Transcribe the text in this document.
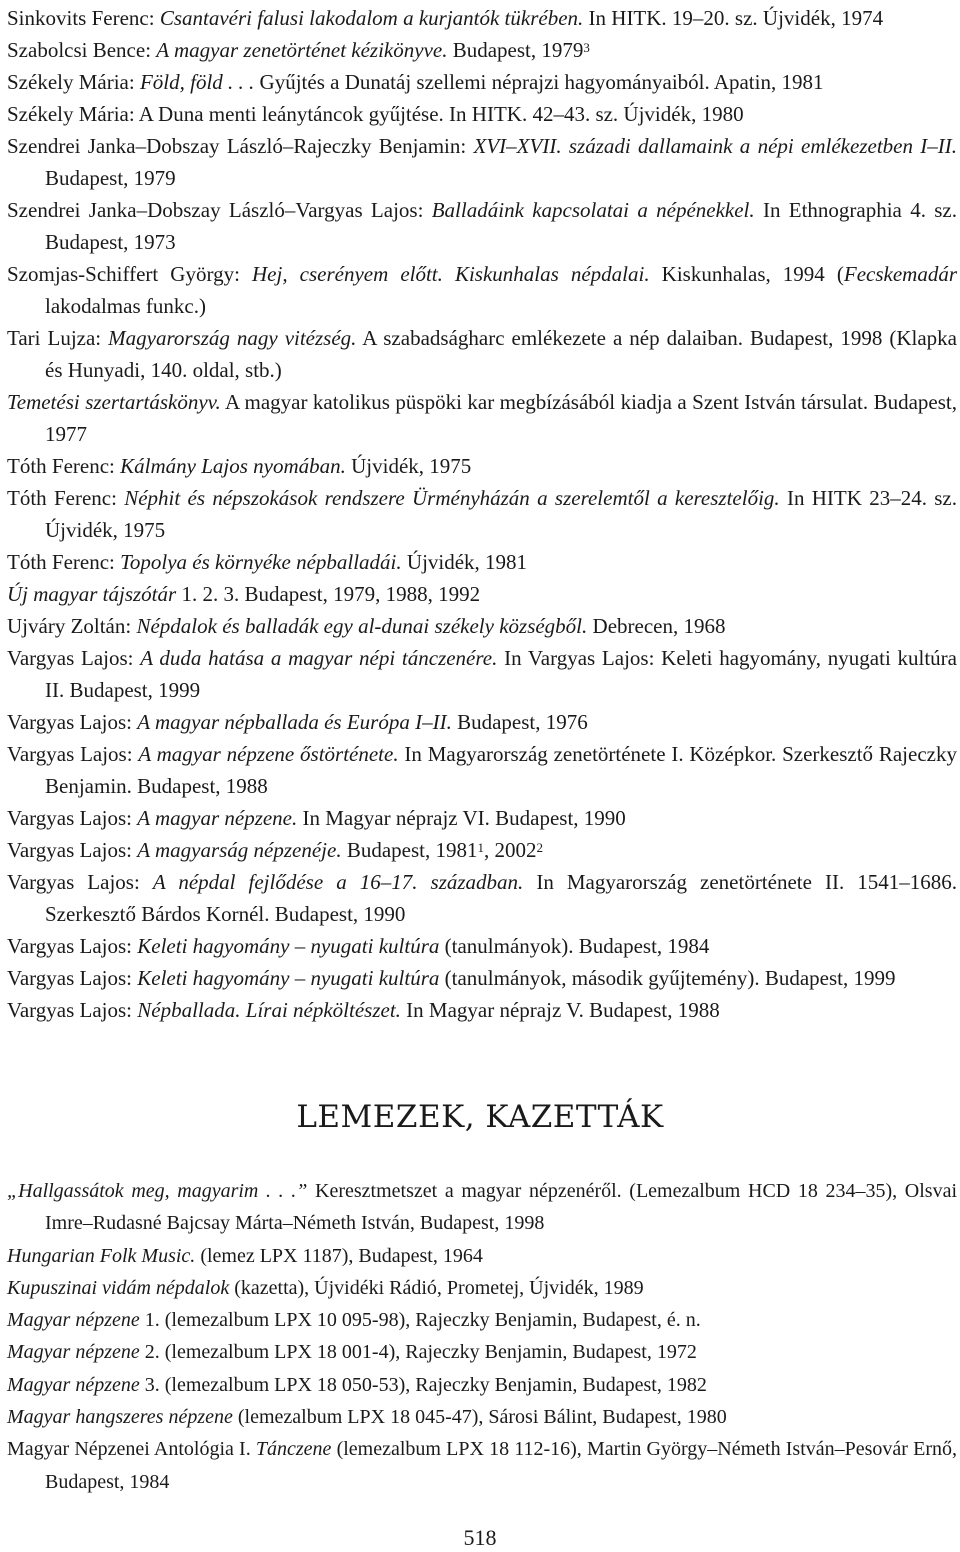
Sinkovits Ferenc: Csantavéri falusi lakodalom a kurjantók tükrében. In HITK. 19–20. sz. Újvidék, 1974

Szabolcsi Bence: A magyar zenetörténet kézikönyve. Budapest, 1979$^3$

Székely Mária: Föld, föld . . . Gyűjtés a Dunatáj szellemi néprajzi hagyományaiból. Apatin, 1981

Székely Mária: A Duna menti leánytáncok gyűjtése. In HITK. 42–43. sz. Újvidék, 1980

Szendrei Janka–Dobszay László–Rajeczky Benjamin: XVI–XVII. századi dallamaink a népi emlékezetben I–II. Budapest, 1979

Szendrei Janka–Dobszay László–Vargyas Lajos: Balladáink kapcsolatai a népénekkel. In Ethnographia 4. sz. Budapest, 1973

Szomjas-Schiffert György: Hej, cserényem előtt. Kiskunhalas népdalai. Kiskunhalas, 1994 (Fecskemadár lakodalmas funkc.)

Tari Lujza: Magyarország nagy vitézség. A szabadságharc emlékezete a nép dalaiban. Budapest, 1998 (Klapka és Hunyadi, 140. oldal, stb.)

Temetési szertartáskönyv. A magyar katolikus püspöki kar megbízásából kiadja a Szent István társulat. Budapest, 1977

Tóth Ferenc: Kálmány Lajos nyomában. Újvidék, 1975

Tóth Ferenc: Néphit és népszokások rendszere Ürményházán a szerelemtől a keresztelőig. In HITK 23–24. sz. Újvidék, 1975

Tóth Ferenc: Topolya és környéke népballadái. Újvidék, 1981

Új magyar tájszótár 1. 2. 3. Budapest, 1979, 1988, 1992

Ujváry Zoltán: Népdalok és balladák egy al-dunai székely községből. Debrecen, 1968

Vargyas Lajos: A duda hatása a magyar népi tánczenére. In Vargyas Lajos: Keleti hagyomány, nyugati kultúra II. Budapest, 1999

Vargyas Lajos: A magyar népballada és Európa I–II. Budapest, 1976

Vargyas Lajos: A magyar népzene őstörténete. In Magyarország zenetörténete I. Középkor. Szerkesztő Rajeczky Benjamin. Budapest, 1988

Vargyas Lajos: A magyar népzene. In Magyar néprajz VI. Budapest, 1990

Vargyas Lajos: A magyarság népzenéje. Budapest, 1981$^1$, 2002$^2$

Vargyas Lajos: A népdal fejlődése a 16–17. században. In Magyarország zenetörténete II. 1541–1686. Szerkesztő Bárdos Kornél. Budapest, 1990

Vargyas Lajos: Keleti hagyomány – nyugati kultúra (tanulmányok). Budapest, 1984

Vargyas Lajos: Keleti hagyomány – nyugati kultúra (tanulmányok, második gyűjtemény). Budapest, 1999

Vargyas Lajos: Népballada. Lírai népköltészet. In Magyar néprajz V. Budapest, 1988

LEMEZEK, KAZETTÁK

„Hallgassátok meg, magyarim . . .” Keresztmetszet a magyar népzenéről. (Lemezalbum HCD 18 234–35), Olsvai Imre–Rudasné Bajcsay Márta–Németh István, Budapest, 1998

Hungarian Folk Music. (lemez LPX 1187), Budapest, 1964

Kupuszinai vidám népdalok (kazetta), Újvidéki Rádió, Prometej, Újvidék, 1989

Magyar népzene 1. (lemezalbum LPX 10 095-98), Rajeczky Benjamin, Budapest, é. n.

Magyar népzene 2. (lemezalbum LPX 18 001-4), Rajeczky Benjamin, Budapest, 1972

Magyar népzene 3. (lemezalbum LPX 18 050-53), Rajeczky Benjamin, Budapest, 1982

Magyar hangszeres népzene (lemezalbum LPX 18 045-47), Sárosi Bálint, Budapest, 1980

Magyar Népzenei Antológia I. Tánczene (lemezalbum LPX 18 112-16), Martin György–Németh István–Pesovár Ernő, Budapest, 1984

518
